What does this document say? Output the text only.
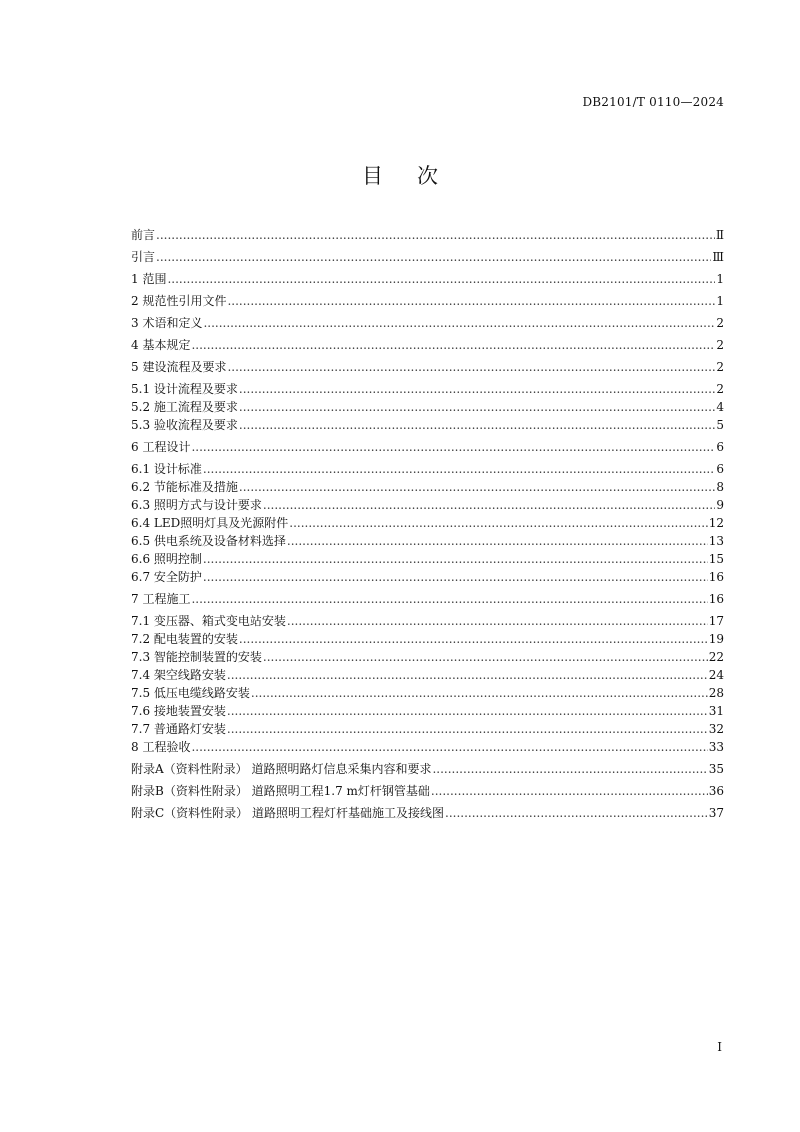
DB2101/T 0110—2024
目次
前言 .....	Ⅱ
引言 .....	Ⅲ
1 范围 .....	1
2 规范性引用文件 .....	1
3 术语和定义 .....	2
4 基本规定 .....	2
5 建设流程及要求 .....	2
5.1 设计流程及要求 .....	2
5.2 施工流程及要求 .....	4
5.3 验收流程及要求 .....	5
6 工程设计 .....	6
6.1 设计标准 .....	6
6.2 节能标准及措施 .....	8
6.3 照明方式与设计要求 .....	9
6.4 LED照明灯具及光源附件 .....	12
6.5 供电系统及设备材料选择 .....	13
6.6 照明控制 .....	15
6.7 安全防护 .....	16
7 工程施工 .....	16
7.1 变压器、箱式变电站安装 .....	17
7.2 配电装置的安装 .....	19
7.3 智能控制装置的安装 .....	22
7.4 架空线路安装 .....	24
7.5 低压电缆线路安装 .....	28
7.6 接地装置安装 .....	31
7.7 普通路灯安装 .....	32
8 工程验收 .....	33
附录A（资料性附录） 道路照明路灯信息采集内容和要求 .....	35
附录B（资料性附录） 道路照明工程1.7 m灯杆钢管基础 .....	36
附录C（资料性附录） 道路照明工程灯杆基础施工及接线图 .....	37
I
